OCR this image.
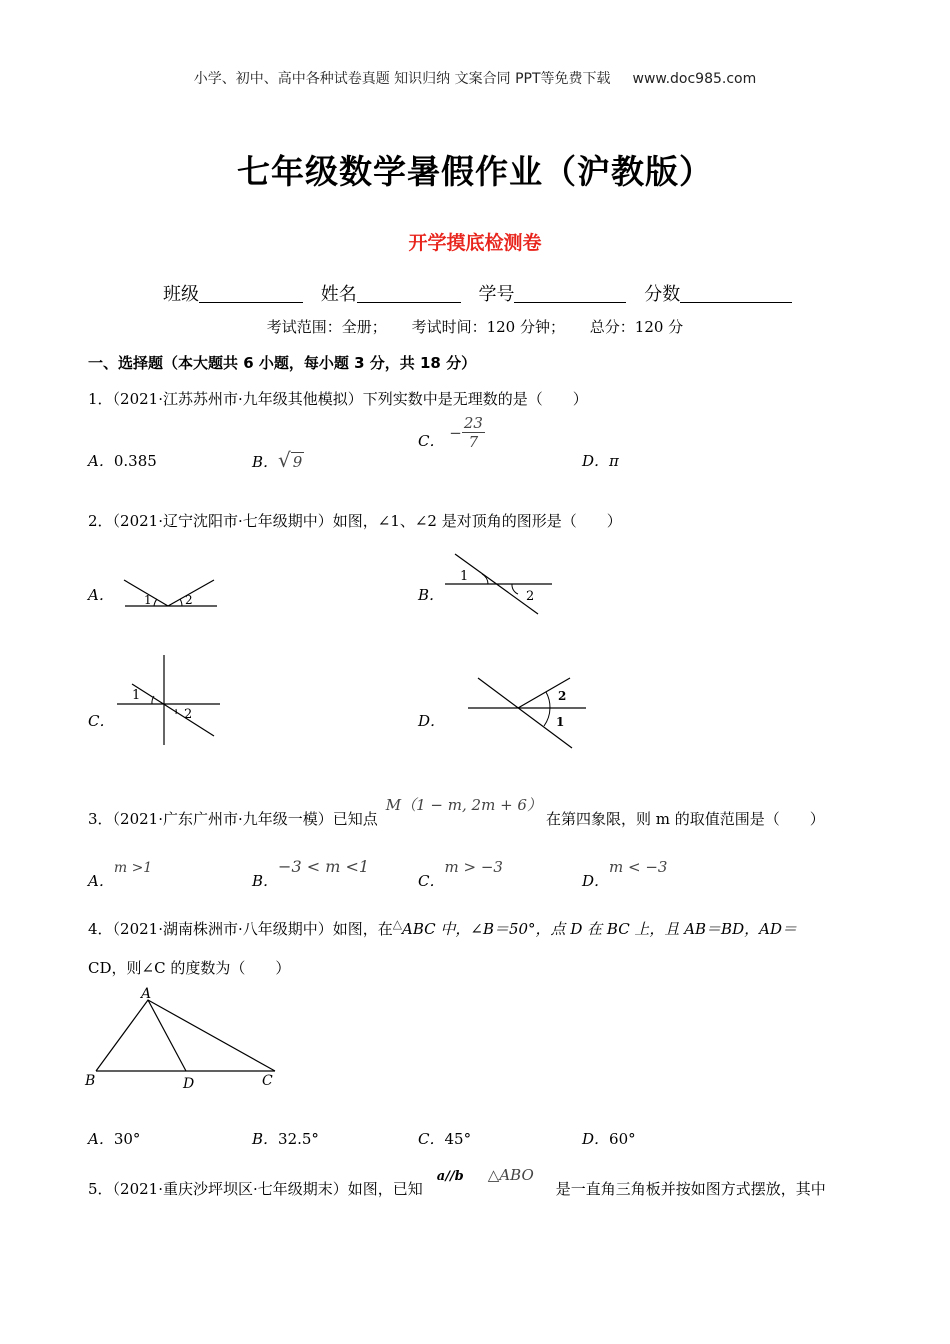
小学、初中、高中各种试卷真题 知识归纳 文案合同 PPT等免费下载 www.doc985.com
七年级数学暑假作业（沪教版）
开学摸底检测卷
班级	姓名	学号	分数
考试范围：全册； 考试时间：120 分钟； 总分：120 分
一、选择题（本大题共 6 小题，每小题 3 分，共 18 分）
1．（2021·江苏苏州市·九年级其他模拟）下列实数中是无理数的是（　　）
A．0.385	B．√ 9
C． − $\frac{23}{7}$
D．π
2．（2021·辽宁沈阳市·七年级期中）如图，∠1、∠2 是对顶角的图形是（　　）
A．	1	2	B．
1
2
C．
1
2	D．
2
1
3．（2021·广东广州市·九年级一模）已知点M（1 − m, 2m + 6）在第四象限，则 m 的取值范围是（　　）
A．m >1
B．−3 < m <1
C．m > −3
D．m < −3
4．（2021·湖南株洲市·八年级期中）如图，在△ABC 中，∠B＝50°，点 D 在 BC 上，且 AB＝BD，AD＝
CD，则∠C 的度数为（　　）
A
B	D	C
A．30°	B．32.5°	C．45°	D．60°
5．（2021·重庆沙坪坝区·七年级期末）如图，已知a//b △ABO是一直角三角板并按如图方式摆放，其中
